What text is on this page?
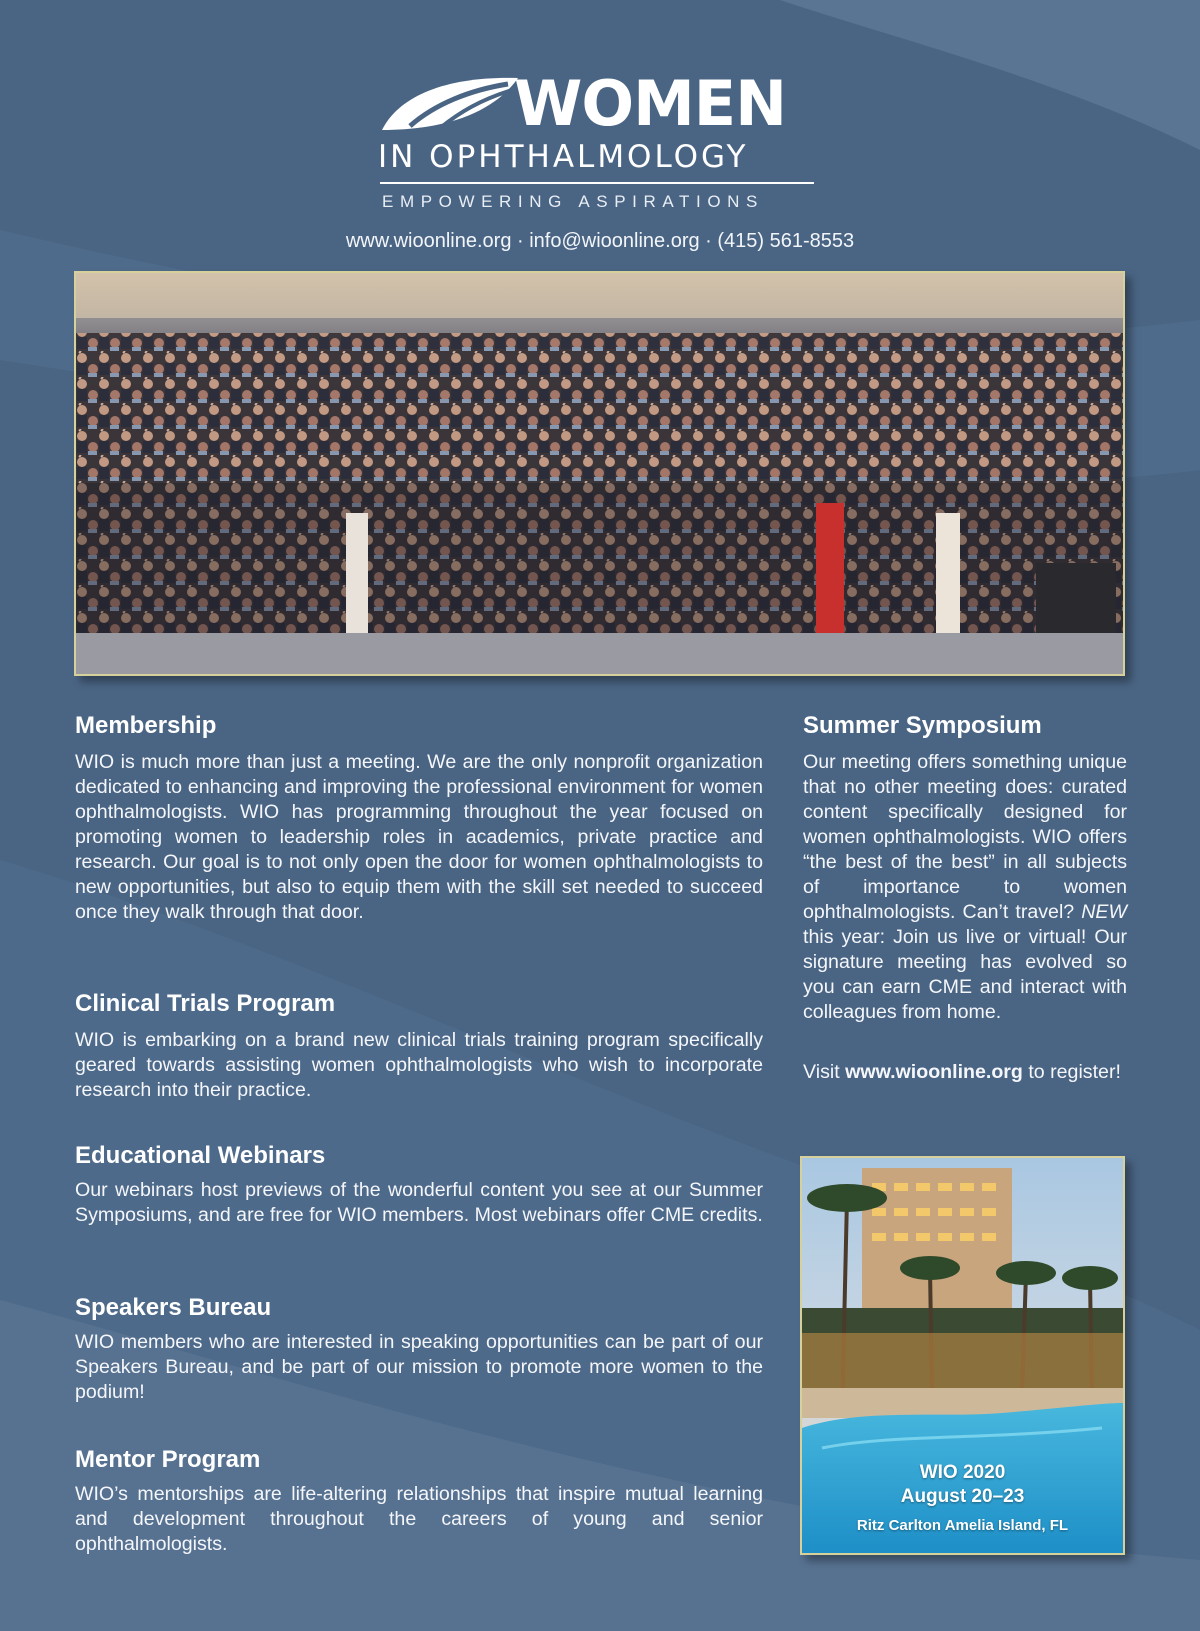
WOMEN
IN OPHTHALMOLOGY
EMPOWERING ASPIRATIONS
www.wioonline.org · info@wioonline.org · (415) 561-8553
Membership

WIO is much more than just a meeting. We are the only nonprofit organization dedicated to enhancing and improving the professional environment for women ophthalmologists. WIO has programming throughout the year focused on promoting women to leadership roles in academics, private practice and research. Our goal is to not only open the door for women ophthalmologists to new opportunities, but also to equip them with the skill set needed to succeed once they walk through that door.

Clinical Trials Program

WIO is embarking on a brand new clinical trials training program specifically geared towards assisting women ophthalmologists who wish to incorporate research into their practice.

Educational Webinars

Our webinars host previews of the wonderful content you see at our Summer Symposiums, and are free for WIO members. Most webinars offer CME credits.

Speakers Bureau

WIO members who are interested in speaking opportunities can be part of our Speakers Bureau, and be part of our mission to promote more women to the podium!

Mentor Program

WIO’s mentorships are life-altering relationships that inspire mutual learning and development throughout the careers of young and senior ophthalmologists.

Summer Symposium

Our meeting offers something unique that no other meeting does: curated content specifically designed for women ophthalmologists. WIO offers “the best of the best” in all subjects of importance to women ophthalmologists. Can’t travel? NEW this year: Join us live or virtual! Our signature meeting has evolved so you can earn CME and interact with colleagues from home.

Visit www.wioonline.org to register!

WIO 2020
August 20–23
Ritz Carlton Amelia Island, FL
